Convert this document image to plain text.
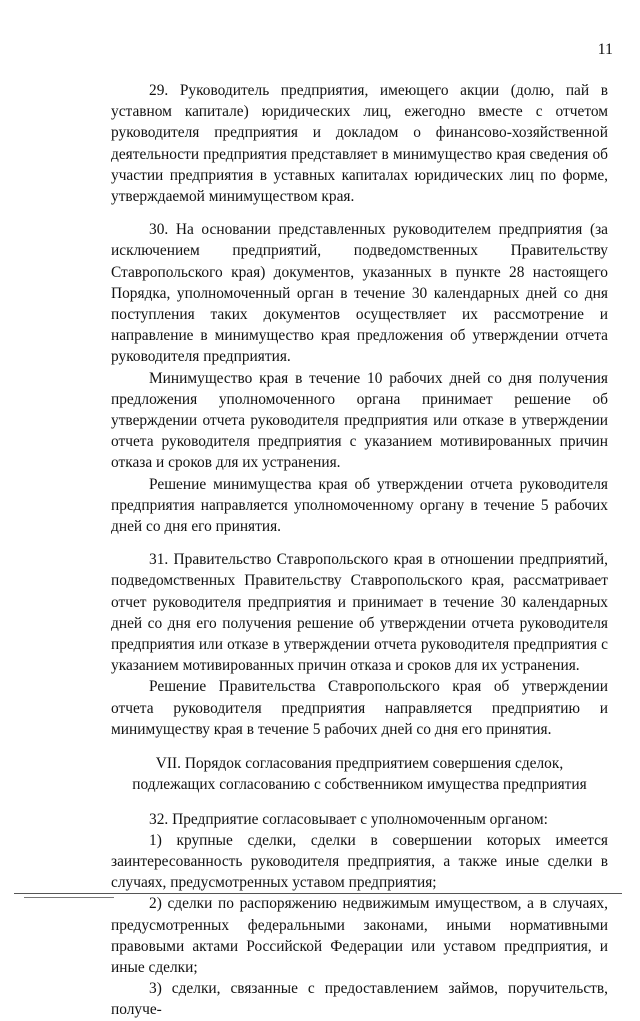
11

29. Руководитель предприятия, имеющего акции (долю, пай в уставном капитале) юридических лиц, ежегодно вместе с отчетом руководителя предприятия и докладом о финансово-хозяйственной деятельности предприятия представляет в минимущество края сведения об участии предприятия в уставных капиталах юридических лиц по форме, утверждаемой минимуществом края.

30. На основании представленных руководителем предприятия (за исключением предприятий, подведомственных Правительству Ставропольского края) документов, указанных в пункте 28 настоящего Порядка, уполномоченный орган в течение 30 календарных дней со дня поступления таких документов осуществляет их рассмотрение и направление в минимущество края предложения об утверждении отчета руководителя предприятия.

Минимущество края в течение 10 рабочих дней со дня получения предложения уполномоченного органа принимает решение об утверждении отчета руководителя предприятия или отказе в утверждении отчета руководителя предприятия с указанием мотивированных причин отказа и сроков для их устранения.

Решение минимущества края об утверждении отчета руководителя предприятия направляется уполномоченному органу в течение 5 рабочих дней со дня его принятия.

31. Правительство Ставропольского края в отношении предприятий, подведомственных Правительству Ставропольского края, рассматривает отчет руководителя предприятия и принимает в течение 30 календарных дней со дня его получения решение об утверждении отчета руководителя предприятия или отказе в утверждении отчета руководителя предприятия с указанием мотивированных причин отказа и сроков для их устранения.

Решение Правительства Ставропольского края об утверждении отчета руководителя предприятия направляется предприятию и минимуществу края в течение 5 рабочих дней со дня его принятия.

VII. Порядок согласования предприятием совершения сделок,
подлежащих согласованию с собственником имущества предприятия

32. Предприятие согласовывает с уполномоченным органом:

1) крупные сделки, сделки в совершении которых имеется заинтересованность руководителя предприятия, а также иные сделки в случаях, предусмотренных уставом предприятия;

2) сделки по распоряжению недвижимым имуществом, а в случаях, предусмотренных федеральными законами, иными нормативными правовыми актами Российской Федерации или уставом предприятия, и иные сделки;

3) сделки, связанные с предоставлением займов, поручительств, получе-
